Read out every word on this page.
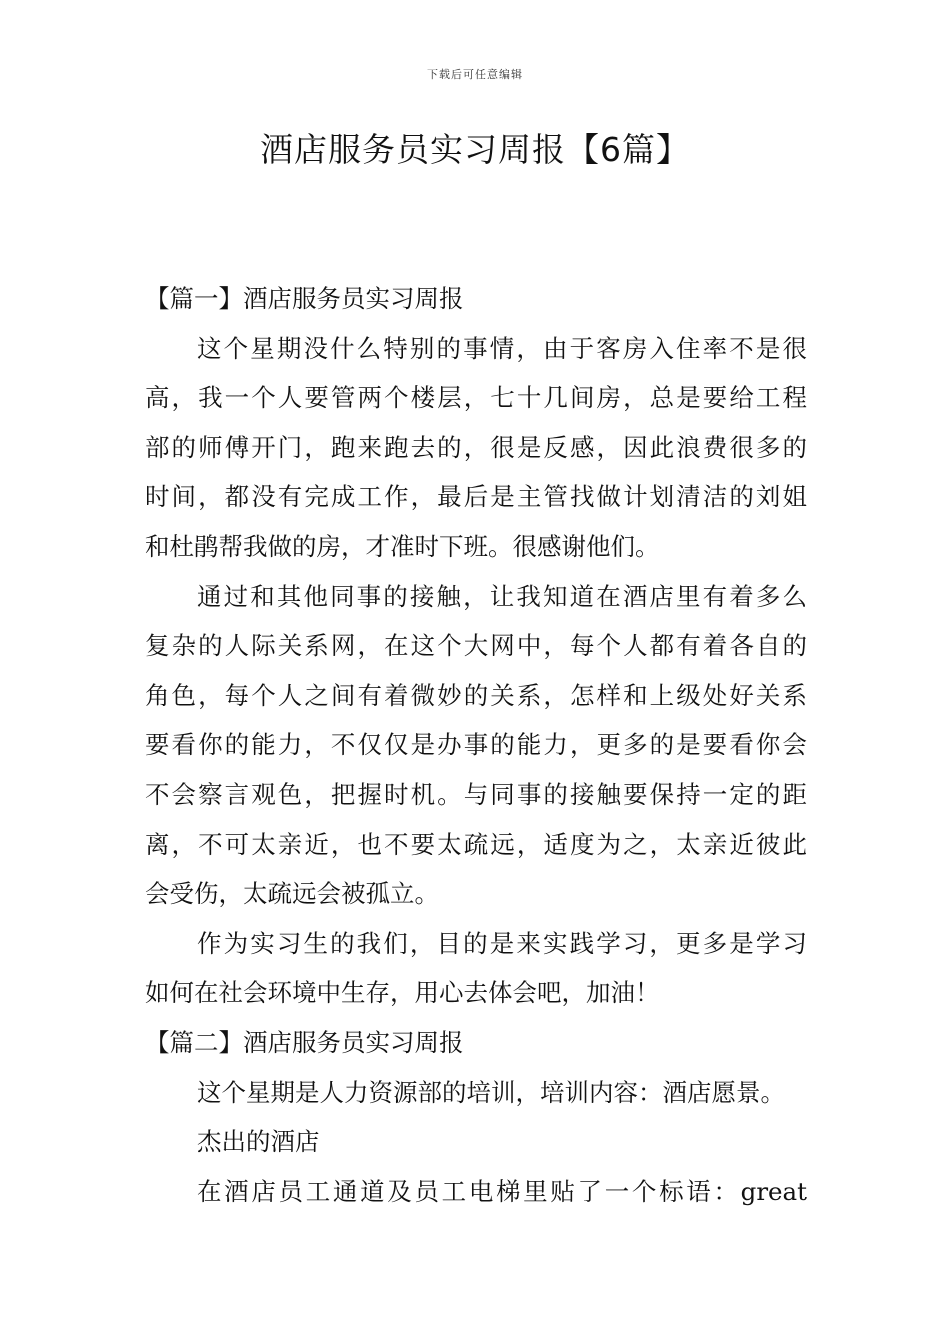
下载后可任意编辑
酒店服务员实习周报【6篇】
【篇一】酒店服务员实习周报
这个星期没什么特别的事情，由于客房入住率不是很
高，我一个人要管两个楼层，七十几间房，总是要给工程
部的师傅开门，跑来跑去的，很是反感，因此浪费很多的
时间，都没有完成工作，最后是主管找做计划清洁的刘姐
和杜鹃帮我做的房，才准时下班。很感谢他们。
通过和其他同事的接触，让我知道在酒店里有着多么
复杂的人际关系网，在这个大网中，每个人都有着各自的
角色，每个人之间有着微妙的关系，怎样和上级处好关系
要看你的能力，不仅仅是办事的能力，更多的是要看你会
不会察言观色，把握时机。与同事的接触要保持一定的距
离，不可太亲近，也不要太疏远，适度为之，太亲近彼此
会受伤，太疏远会被孤立。
作为实习生的我们，目的是来实践学习，更多是学习
如何在社会环境中生存，用心去体会吧，加油！
【篇二】酒店服务员实习周报
这个星期是人力资源部的培训，培训内容：酒店愿景。
杰出的酒店
在酒店员工通道及员工电梯里贴了一个标语：great
